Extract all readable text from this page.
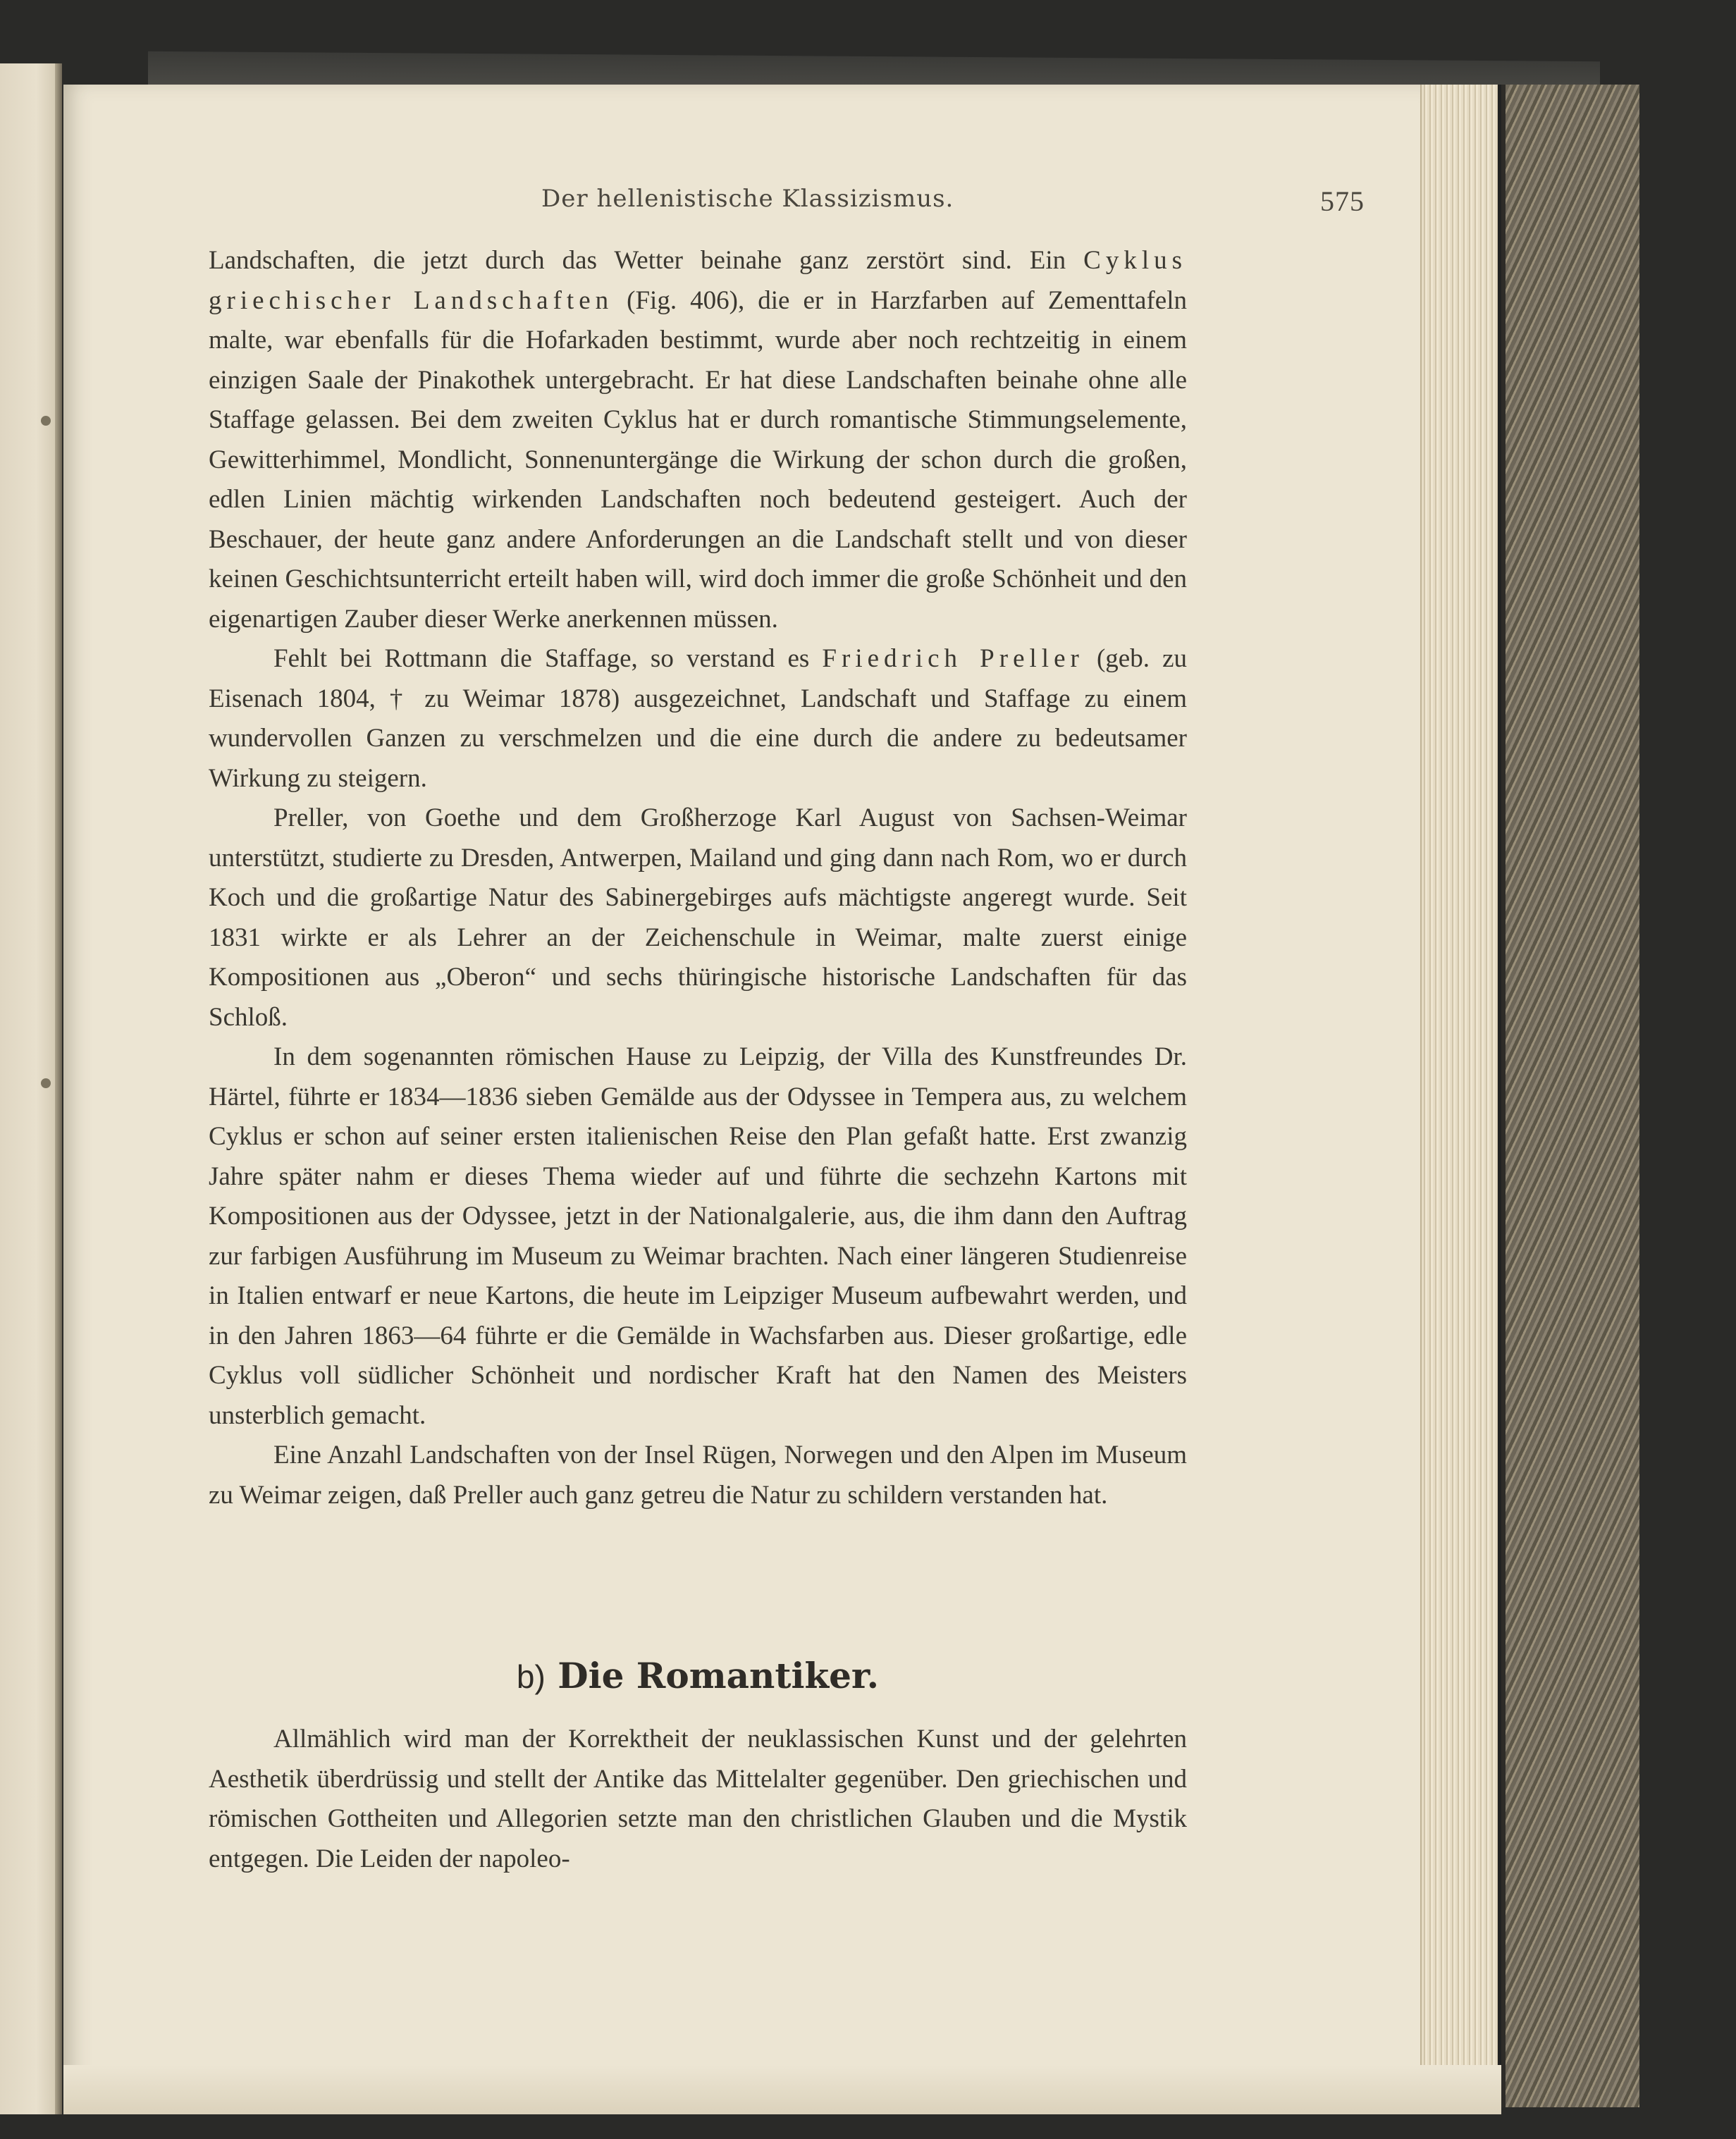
Der hellenistische Klassizismus.	575

Landschaften, die jetzt durch das Wetter beinahe ganz zerstört sind. Ein Cyklus griechischer Landschaften (Fig. 406), die er in Harzfarben auf Zementtafeln malte, war ebenfalls für die Hofarkaden bestimmt, wurde aber noch rechtzeitig in einem einzigen Saale der Pinakothek untergebracht. Er hat diese Landschaften beinahe ohne alle Staffage gelassen. Bei dem zweiten Cyklus hat er durch romantische Stimmungselemente, Gewitterhimmel, Mondlicht, Sonnenuntergänge die Wirkung der schon durch die großen, edlen Linien mächtig wirkenden Landschaften noch bedeutend gesteigert. Auch der Beschauer, der heute ganz andere Anforderungen an die Landschaft stellt und von dieser keinen Geschichtsunterricht erteilt haben will, wird doch immer die große Schönheit und den eigenartigen Zauber dieser Werke anerkennen müssen.

Fehlt bei Rottmann die Staffage, so verstand es Friedrich Preller (geb. zu Eisenach 1804, † zu Weimar 1878) ausgezeichnet, Landschaft und Staffage zu einem wundervollen Ganzen zu verschmelzen und die eine durch die andere zu bedeutsamer Wirkung zu steigern.

Preller, von Goethe und dem Großherzoge Karl August von Sachsen-Weimar unterstützt, studierte zu Dresden, Antwerpen, Mailand und ging dann nach Rom, wo er durch Koch und die großartige Natur des Sabinergebirges aufs mächtigste angeregt wurde. Seit 1831 wirkte er als Lehrer an der Zeichenschule in Weimar, malte zuerst einige Kompositionen aus „Oberon“ und sechs thüringische historische Landschaften für das Schloß.

In dem sogenannten römischen Hause zu Leipzig, der Villa des Kunstfreundes Dr. Härtel, führte er 1834—1836 sieben Gemälde aus der Odyssee in Tempera aus, zu welchem Cyklus er schon auf seiner ersten italienischen Reise den Plan gefaßt hatte. Erst zwanzig Jahre später nahm er dieses Thema wieder auf und führte die sechzehn Kartons mit Kompositionen aus der Odyssee, jetzt in der Nationalgalerie, aus, die ihm dann den Auftrag zur farbigen Ausführung im Museum zu Weimar brachten. Nach einer längeren Studienreise in Italien entwarf er neue Kartons, die heute im Leipziger Museum aufbewahrt werden, und in den Jahren 1863—64 führte er die Gemälde in Wachsfarben aus. Dieser großartige, edle Cyklus voll südlicher Schönheit und nordischer Kraft hat den Namen des Meisters unsterblich gemacht.

Eine Anzahl Landschaften von der Insel Rügen, Norwegen und den Alpen im Museum zu Weimar zeigen, daß Preller auch ganz getreu die Natur zu schildern verstanden hat.

b) Die Romantiker.

Allmählich wird man der Korrektheit der neuklassischen Kunst und der gelehrten Aesthetik überdrüssig und stellt der Antike das Mittelalter gegenüber. Den griechischen und römischen Gottheiten und Allegorien setzte man den christlichen Glauben und die Mystik entgegen. Die Leiden der napoleo-
